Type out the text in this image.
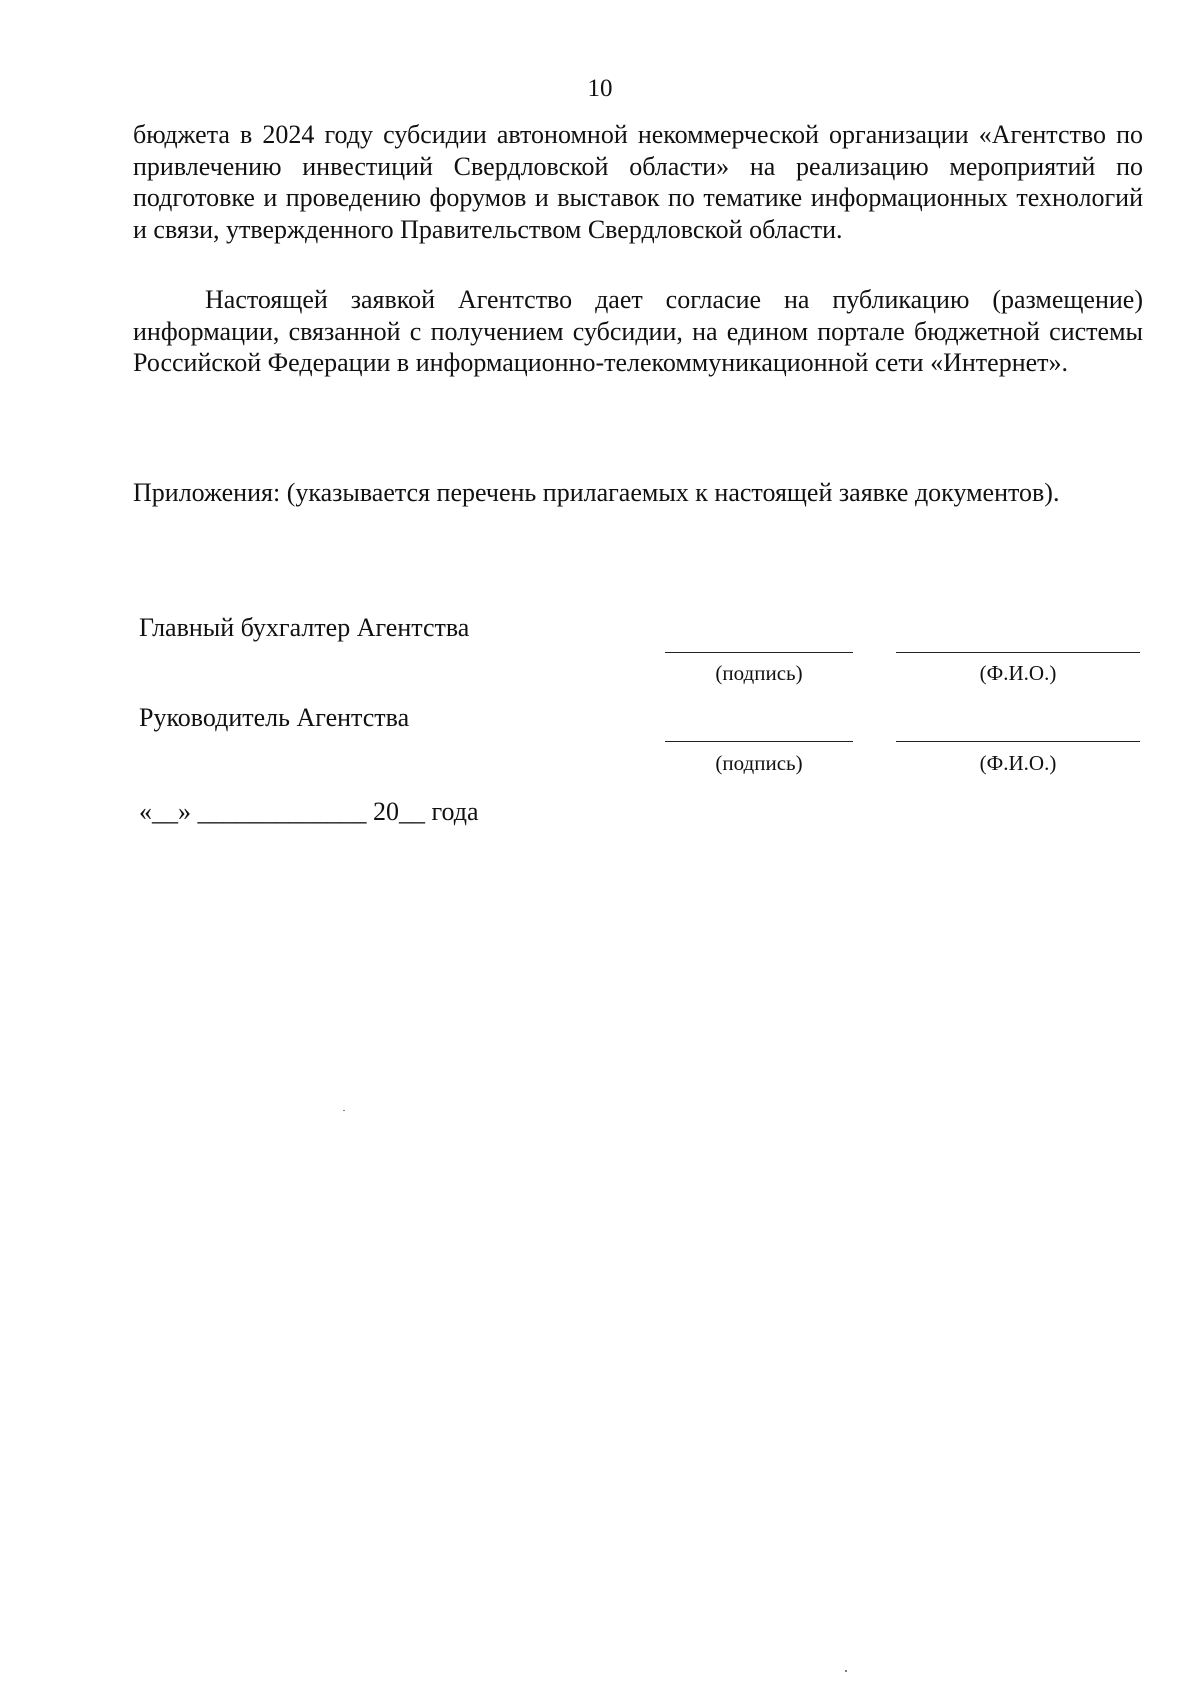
10
бюджета в 2024 году субсидии автономной некоммерческой организации «Агентство по привлечению инвестиций Свердловской области» на реализацию мероприятий по подготовке и проведению форумов и выставок по тематике информационных технологий и связи, утвержденного Правительством Свердловской области.
Настоящей заявкой Агентство дает согласие на публикацию (размещение) информации, связанной с получением субсидии, на едином портале бюджетной системы Российской Федерации в информационно-телекоммуникационной сети «Интернет».
Приложения: (указывается перечень прилагаемых к настоящей заявке документов).
Главный бухгалтер Агентства
(подпись)	(Ф.И.О.)
Руководитель Агентства
(подпись)	(Ф.И.О.)
«__» _____________ 20__ года
